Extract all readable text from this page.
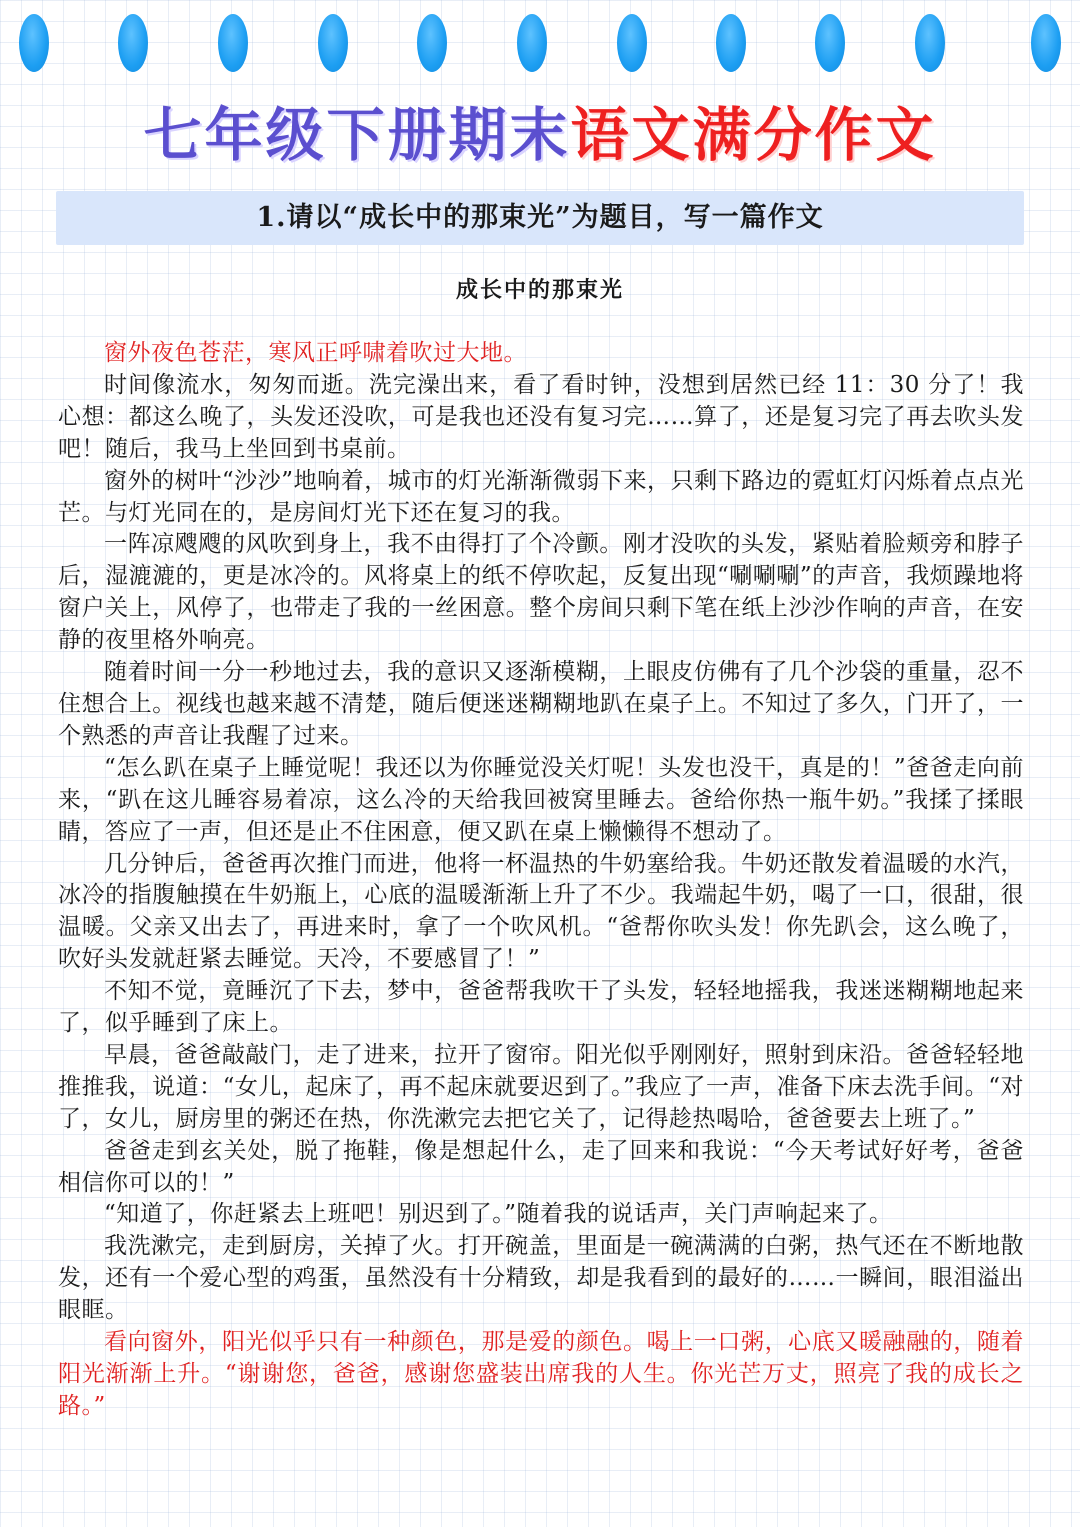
七年级下册期末语文满分作文
1.请以“成长中的那束光”为题目，写一篇作文
成长中的那束光

窗外夜色苍茫，寒风正呼啸着吹过大地。

时间像流水，匆匆而逝。洗完澡出来，看了看时钟，没想到居然已经 11：30 分了！我心想：都这么晚了，头发还没吹，可是我也还没有复习完……算了，还是复习完了再去吹头发吧！随后，我马上坐回到书桌前。

窗外的树叶“沙沙”地响着，城市的灯光渐渐微弱下来，只剩下路边的霓虹灯闪烁着点点光芒。与灯光同在的，是房间灯光下还在复习的我。

一阵凉飕飕的风吹到身上，我不由得打了个冷颤。刚才没吹的头发，紧贴着脸颊旁和脖子后，湿漉漉的，更是冰冷的。风将桌上的纸不停吹起，反复出现“唰唰唰”的声音，我烦躁地将窗户关上，风停了，也带走了我的一丝困意。整个房间只剩下笔在纸上沙沙作响的声音，在安静的夜里格外响亮。

随着时间一分一秒地过去，我的意识又逐渐模糊，上眼皮仿佛有了几个沙袋的重量，忍不住想合上。视线也越来越不清楚，随后便迷迷糊糊地趴在桌子上。不知过了多久，门开了，一个熟悉的声音让我醒了过来。

“怎么趴在桌子上睡觉呢！我还以为你睡觉没关灯呢！头发也没干，真是的！”爸爸走向前来，“趴在这儿睡容易着凉，这么冷的天给我回被窝里睡去。爸给你热一瓶牛奶。”我揉了揉眼睛，答应了一声，但还是止不住困意，便又趴在桌上懒懒得不想动了。

几分钟后，爸爸再次推门而进，他将一杯温热的牛奶塞给我。牛奶还散发着温暖的水汽，冰冷的指腹触摸在牛奶瓶上，心底的温暖渐渐上升了不少。我端起牛奶，喝了一口，很甜，很温暖。父亲又出去了，再进来时，拿了一个吹风机。“爸帮你吹头发！你先趴会，这么晚了，吹好头发就赶紧去睡觉。天冷，不要感冒了！”

不知不觉，竟睡沉了下去，梦中，爸爸帮我吹干了头发，轻轻地摇我，我迷迷糊糊地起来了，似乎睡到了床上。

早晨，爸爸敲敲门，走了进来，拉开了窗帘。阳光似乎刚刚好，照射到床沿。爸爸轻轻地推推我，说道：“女儿，起床了，再不起床就要迟到了。”我应了一声，准备下床去洗手间。“对了，女儿，厨房里的粥还在热，你洗漱完去把它关了，记得趁热喝哈，爸爸要去上班了。”

爸爸走到玄关处，脱了拖鞋，像是想起什么，走了回来和我说：“今天考试好好考，爸爸相信你可以的！”

“知道了，你赶紧去上班吧！别迟到了。”随着我的说话声，关门声响起来了。

我洗漱完，走到厨房，关掉了火。打开碗盖，里面是一碗满满的白粥，热气还在不断地散发，还有一个爱心型的鸡蛋，虽然没有十分精致，却是我看到的最好的……一瞬间，眼泪溢出眼眶。

看向窗外，阳光似乎只有一种颜色，那是爱的颜色。喝上一口粥，心底又暖融融的，随着阳光渐渐上升。“谢谢您，爸爸，感谢您盛装出席我的人生。你光芒万丈，照亮了我的成长之路。”
